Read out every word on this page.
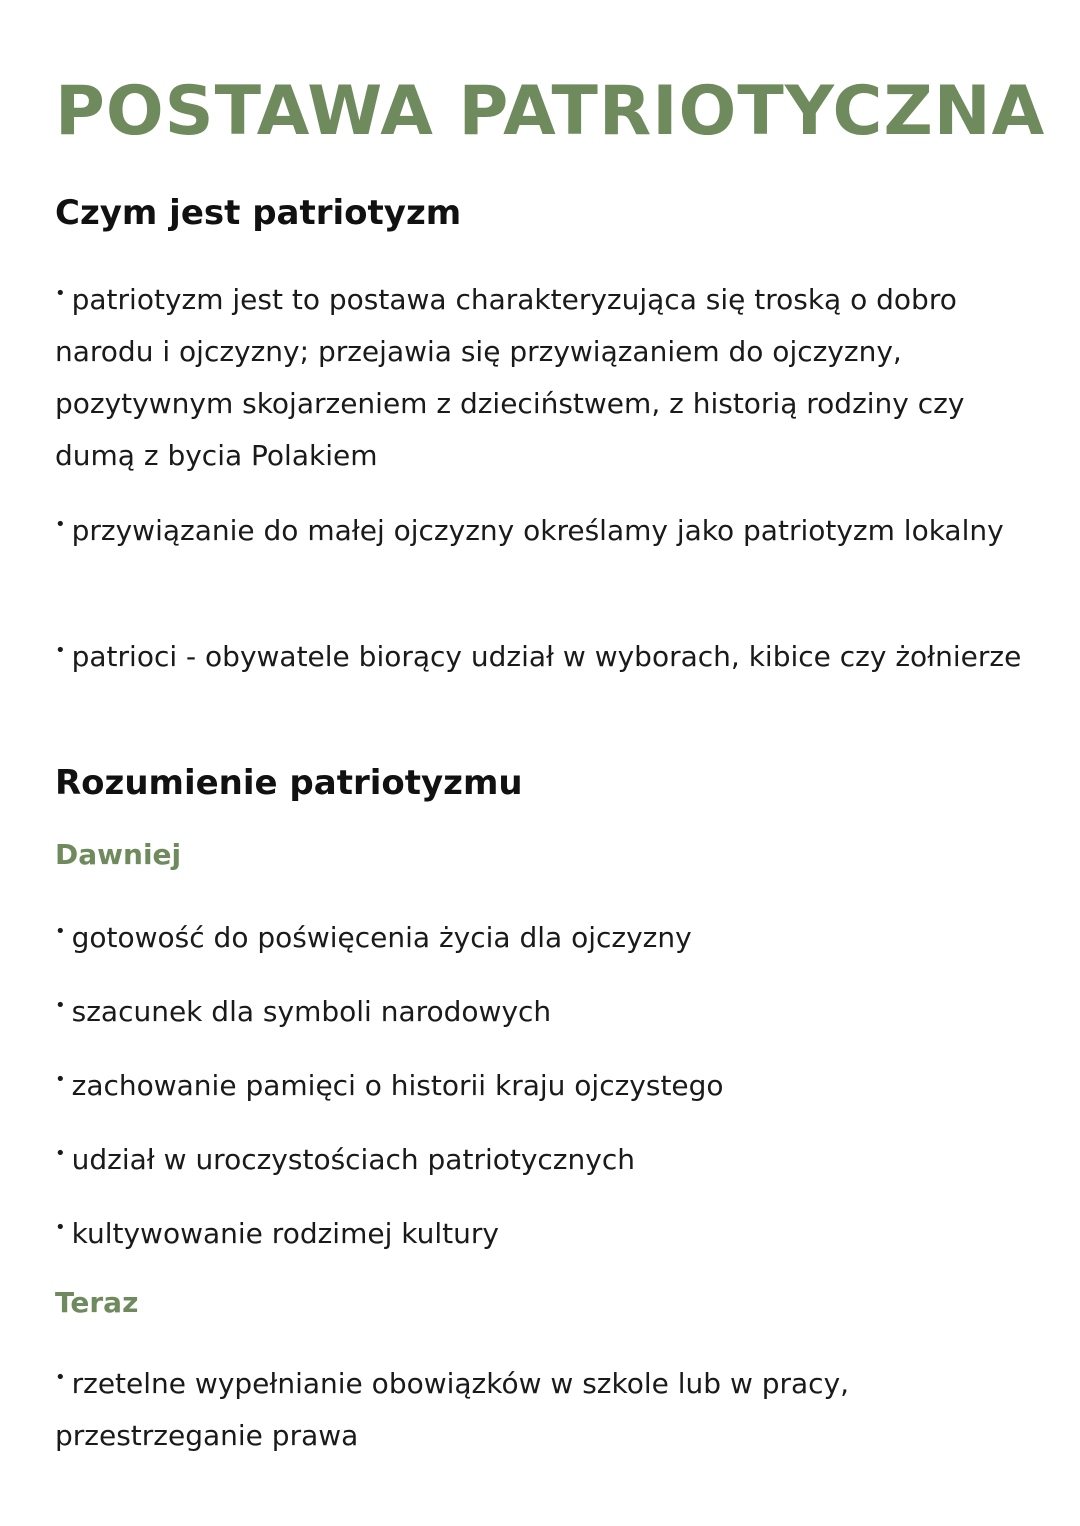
POSTAWA PATRIOTYCZNA
Czym jest patriotyzm

• patriotyzm jest to postawa charakteryzująca się troską o dobro narodu i ojczyzny; przejawia się przywiązaniem do ojczyzny, pozytywnym skojarzeniem z dzieciństwem, z historią rodziny czy dumą z bycia Polakiem

• przywiązanie do małej ojczyzny określamy jako patriotyzm lokalny

• patrioci - obywatele biorący udział w wyborach, kibice czy żołnierze

Rozumienie patriotyzmu
Dawniej

• gotowość do poświęcenia życia dla ojczyzny

• szacunek dla symboli narodowych

• zachowanie pamięci o historii kraju ojczystego

• udział w uroczystościach patriotycznych

• kultywowanie rodzimej kultury

Teraz

• rzetelne wypełnianie obowiązków w szkole lub w pracy, przestrzeganie prawa
